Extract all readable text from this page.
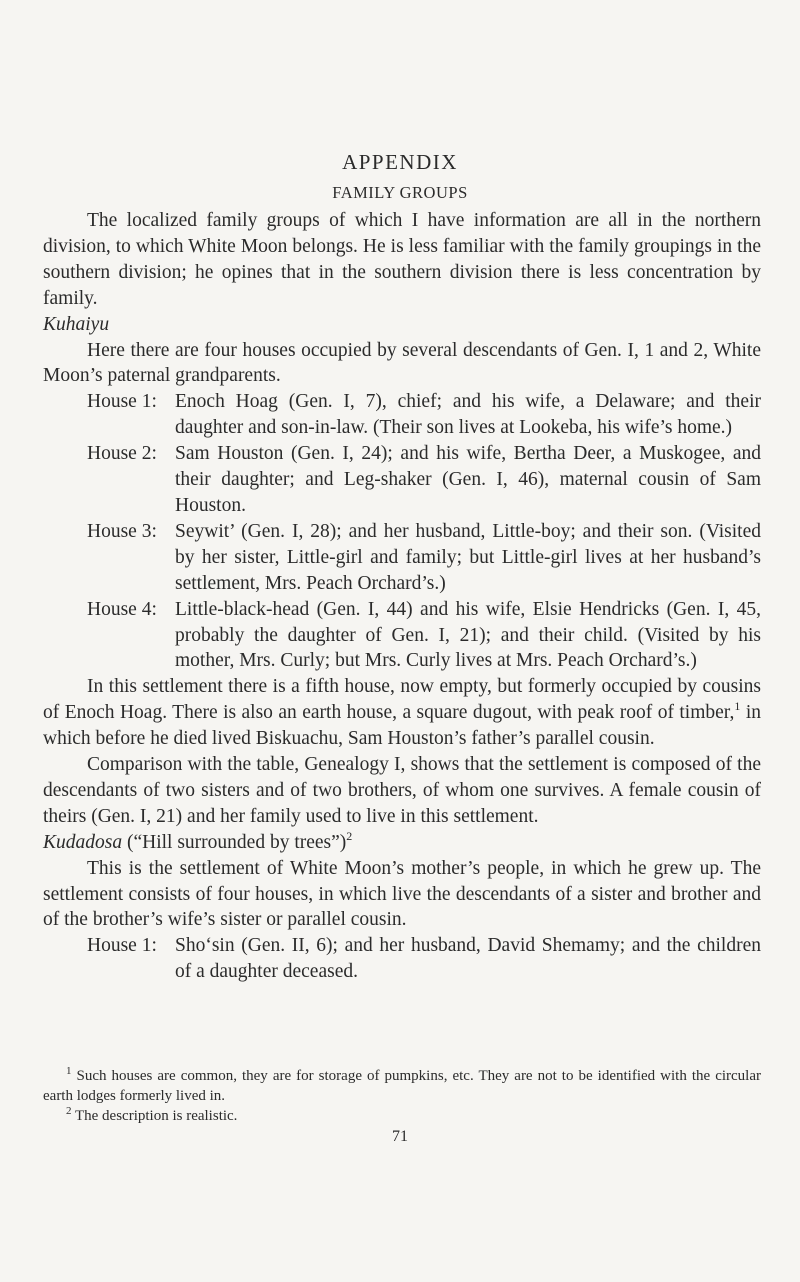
APPENDIX
FAMILY GROUPS

The localized family groups of which I have information are all in the northern division, to which White Moon belongs. He is less familiar with the family groupings in the southern division; he opines that in the southern division there is less concentration by family.

Kuhaiyu

Here there are four houses occupied by several descendants of Gen. I, 1 and 2, White Moon’s paternal grandparents.

House 1: Enoch Hoag (Gen. I, 7), chief; and his wife, a Delaware; and their daughter and son-in-law. (Their son lives at Lookeba, his wife’s home.)
House 2: Sam Houston (Gen. I, 24); and his wife, Bertha Deer, a Muskogee, and their daughter; and Leg-shaker (Gen. I, 46), maternal cousin of Sam Houston.
House 3: Seywit’ (Gen. I, 28); and her husband, Little-boy; and their son. (Visited by her sister, Little-girl and family; but Little-girl lives at her husband’s settlement, Mrs. Peach Orchard’s.)
House 4: Little-black-head (Gen. I, 44) and his wife, Elsie Hendricks (Gen. I, 45, probably the daughter of Gen. I, 21); and their child. (Visited by his mother, Mrs. Curly; but Mrs. Curly lives at Mrs. Peach Orchard’s.)

In this settlement there is a fifth house, now empty, but formerly occupied by cousins of Enoch Hoag. There is also an earth house, a square dugout, with peak roof of timber,$^1$ in which before he died lived Biskuachu, Sam Houston’s father’s parallel cousin.

Comparison with the table, Genealogy I, shows that the settlement is composed of the descendants of two sisters and of two brothers, of whom one survives. A female cousin of theirs (Gen. I, 21) and her family used to live in this settlement.

Kudadosa (“Hill surrounded by trees”)$^2$

This is the settlement of White Moon’s mother’s people, in which he grew up. The settlement consists of four houses, in which live the descendants of a sister and brother and of the brother’s wife’s sister or parallel cousin.

House 1: Sho‘sin (Gen. II, 6); and her husband, David Shemamy; and the children of a daughter deceased.

$^1$ Such houses are common, they are for storage of pumpkins, etc. They are not to be identified with the circular earth lodges formerly lived in.

$^2$ The description is realistic.

71
